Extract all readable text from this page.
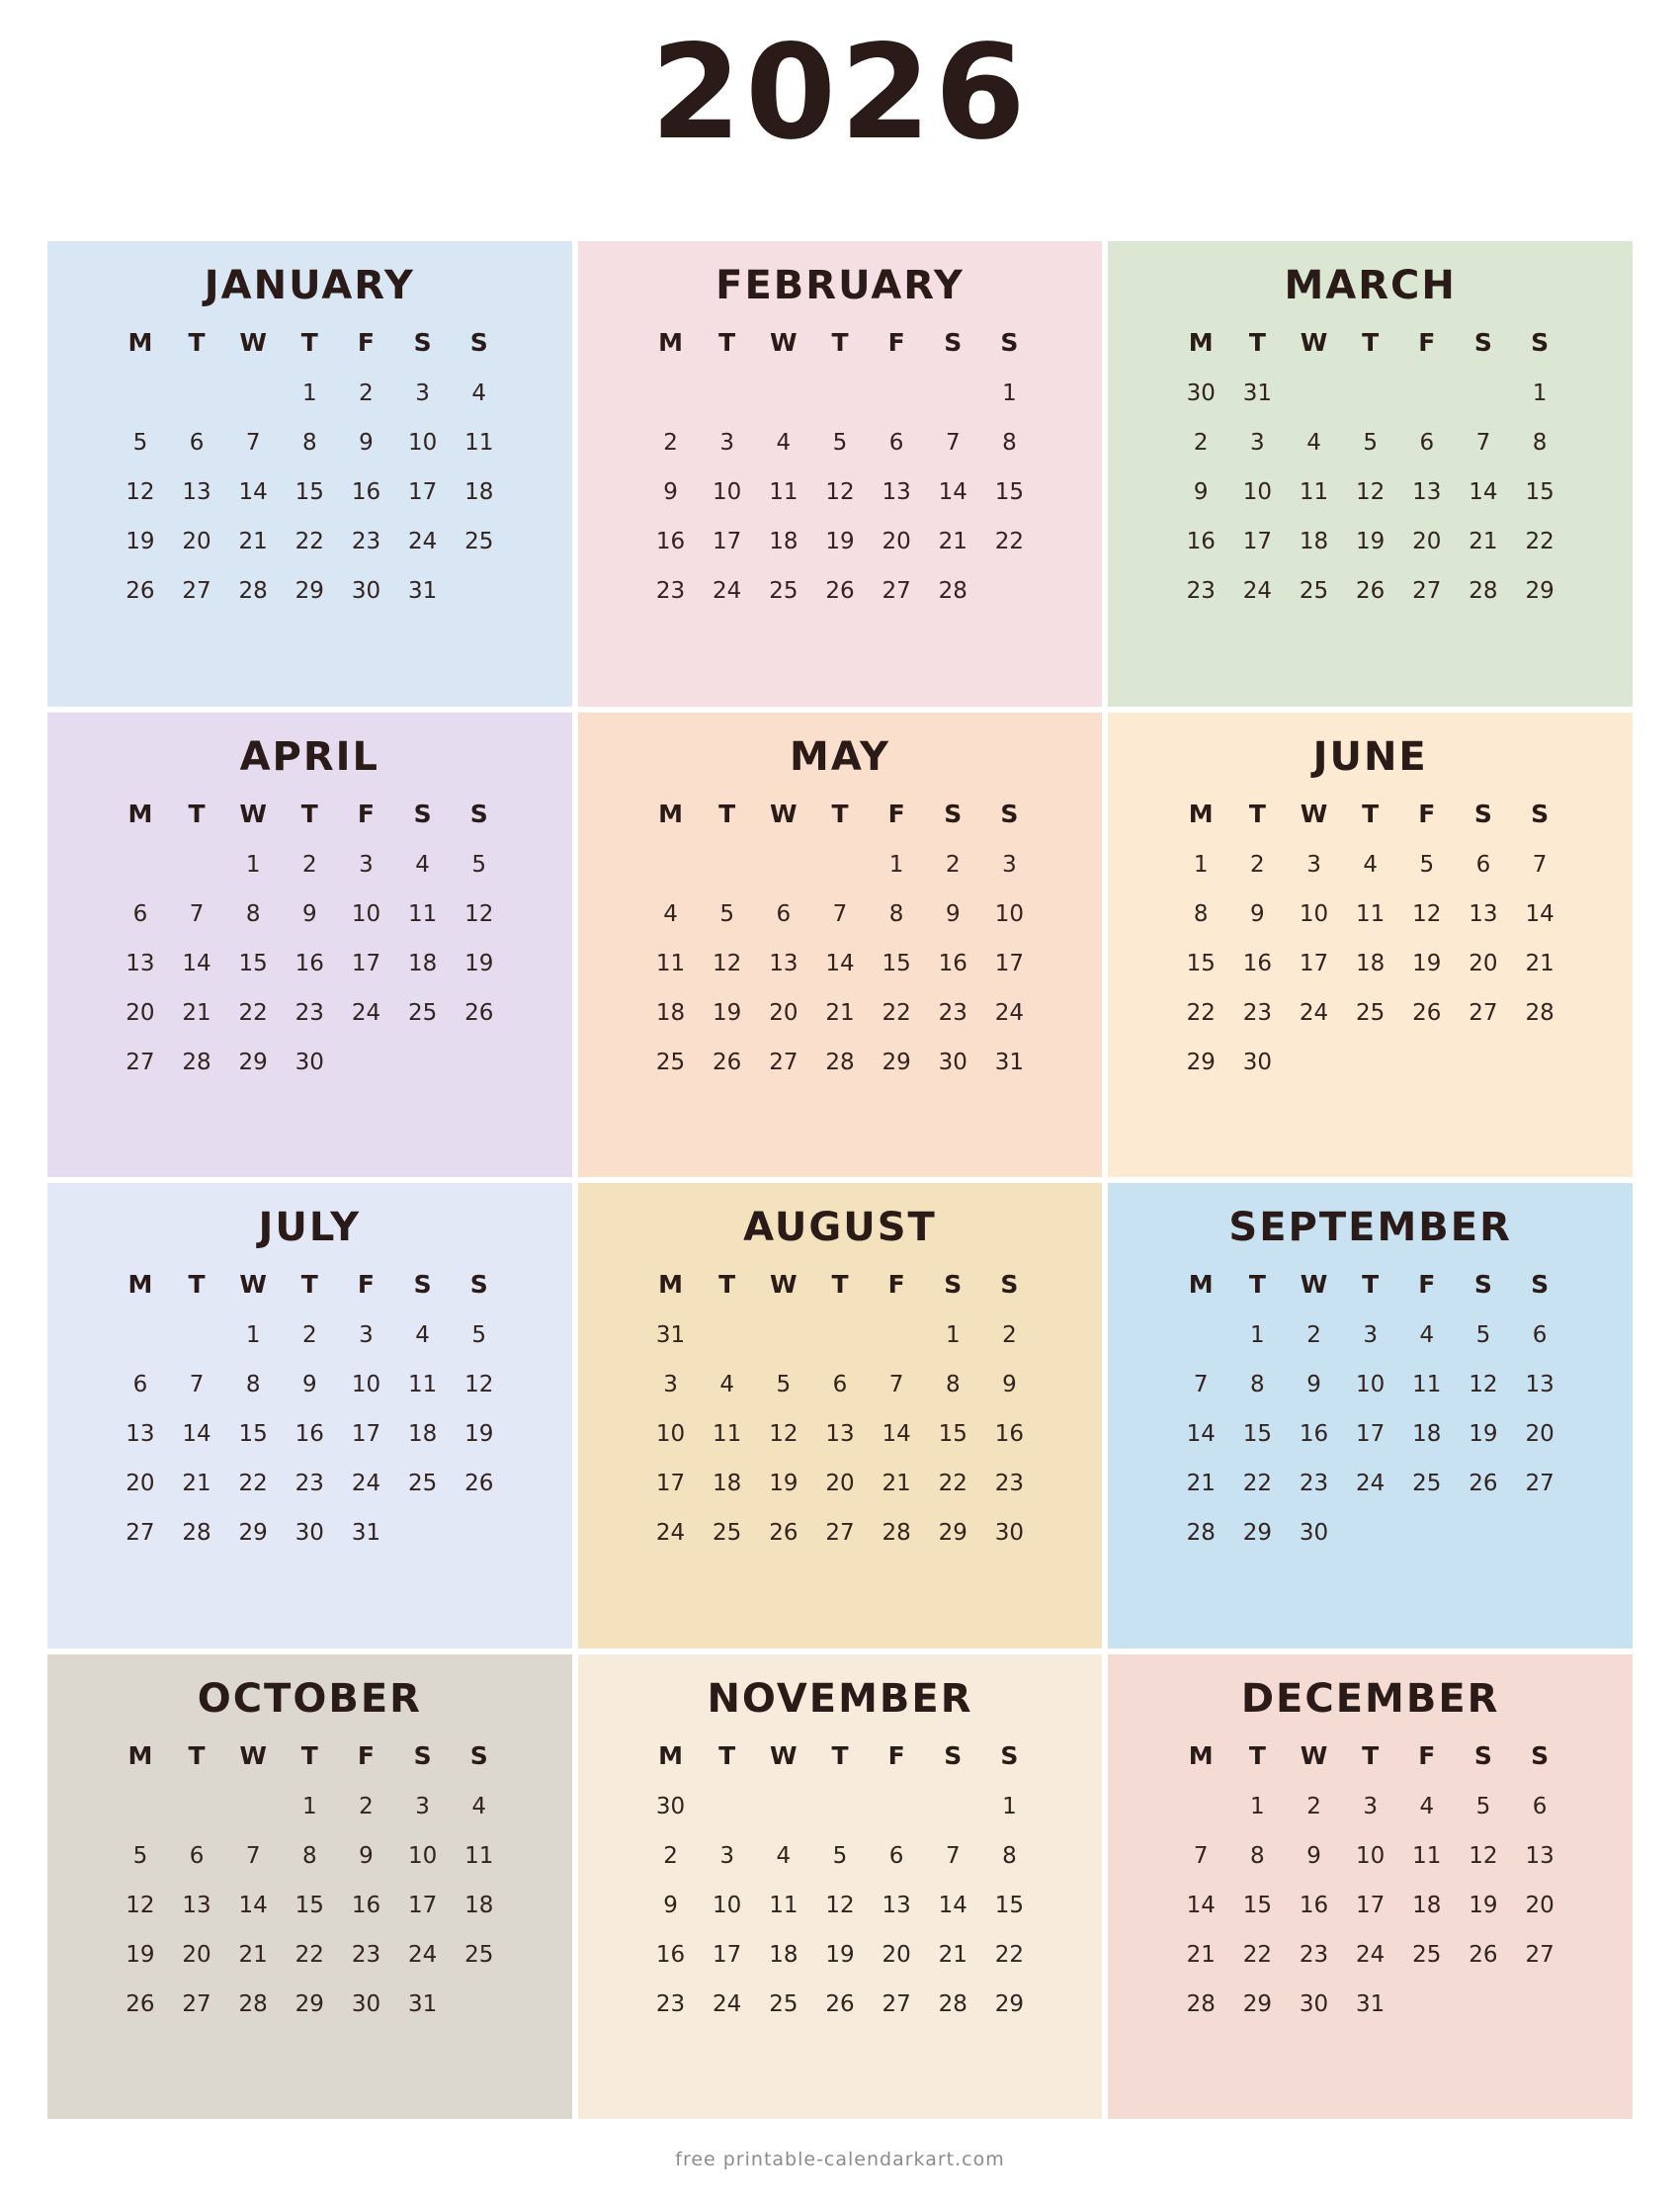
2026
JANUARY
M	T	W	T	F	S	S
			1	2	3	4
5	6	7	8	9	10	11
12	13	14	15	16	17	18
19	20	21	22	23	24	25
26	27	28	29	30	31	
FEBRUARY
M	T	W	T	F	S	S
						1
2	3	4	5	6	7	8
9	10	11	12	13	14	15
16	17	18	19	20	21	22
23	24	25	26	27	28	
MARCH
M	T	W	T	F	S	S
30	31					1
2	3	4	5	6	7	8
9	10	11	12	13	14	15
16	17	18	19	20	21	22
23	24	25	26	27	28	29
APRIL
M	T	W	T	F	S	S
		1	2	3	4	5
6	7	8	9	10	11	12
13	14	15	16	17	18	19
20	21	22	23	24	25	26
27	28	29	30			
MAY
M	T	W	T	F	S	S
				1	2	3
4	5	6	7	8	9	10
11	12	13	14	15	16	17
18	19	20	21	22	23	24
25	26	27	28	29	30	31
JUNE
M	T	W	T	F	S	S
1	2	3	4	5	6	7
8	9	10	11	12	13	14
15	16	17	18	19	20	21
22	23	24	25	26	27	28
29	30					
JULY
M	T	W	T	F	S	S
		1	2	3	4	5
6	7	8	9	10	11	12
13	14	15	16	17	18	19
20	21	22	23	24	25	26
27	28	29	30	31		
AUGUST
M	T	W	T	F	S	S
31					1	2
3	4	5	6	7	8	9
10	11	12	13	14	15	16
17	18	19	20	21	22	23
24	25	26	27	28	29	30
SEPTEMBER
M	T	W	T	F	S	S
	1	2	3	4	5	6
7	8	9	10	11	12	13
14	15	16	17	18	19	20
21	22	23	24	25	26	27
28	29	30				
OCTOBER
M	T	W	T	F	S	S
			1	2	3	4
5	6	7	8	9	10	11
12	13	14	15	16	17	18
19	20	21	22	23	24	25
26	27	28	29	30	31	
NOVEMBER
M	T	W	T	F	S	S
30						1
2	3	4	5	6	7	8
9	10	11	12	13	14	15
16	17	18	19	20	21	22
23	24	25	26	27	28	29
DECEMBER
M	T	W	T	F	S	S
	1	2	3	4	5	6
7	8	9	10	11	12	13
14	15	16	17	18	19	20
21	22	23	24	25	26	27
28	29	30	31			
free printable-calendarkart.com
